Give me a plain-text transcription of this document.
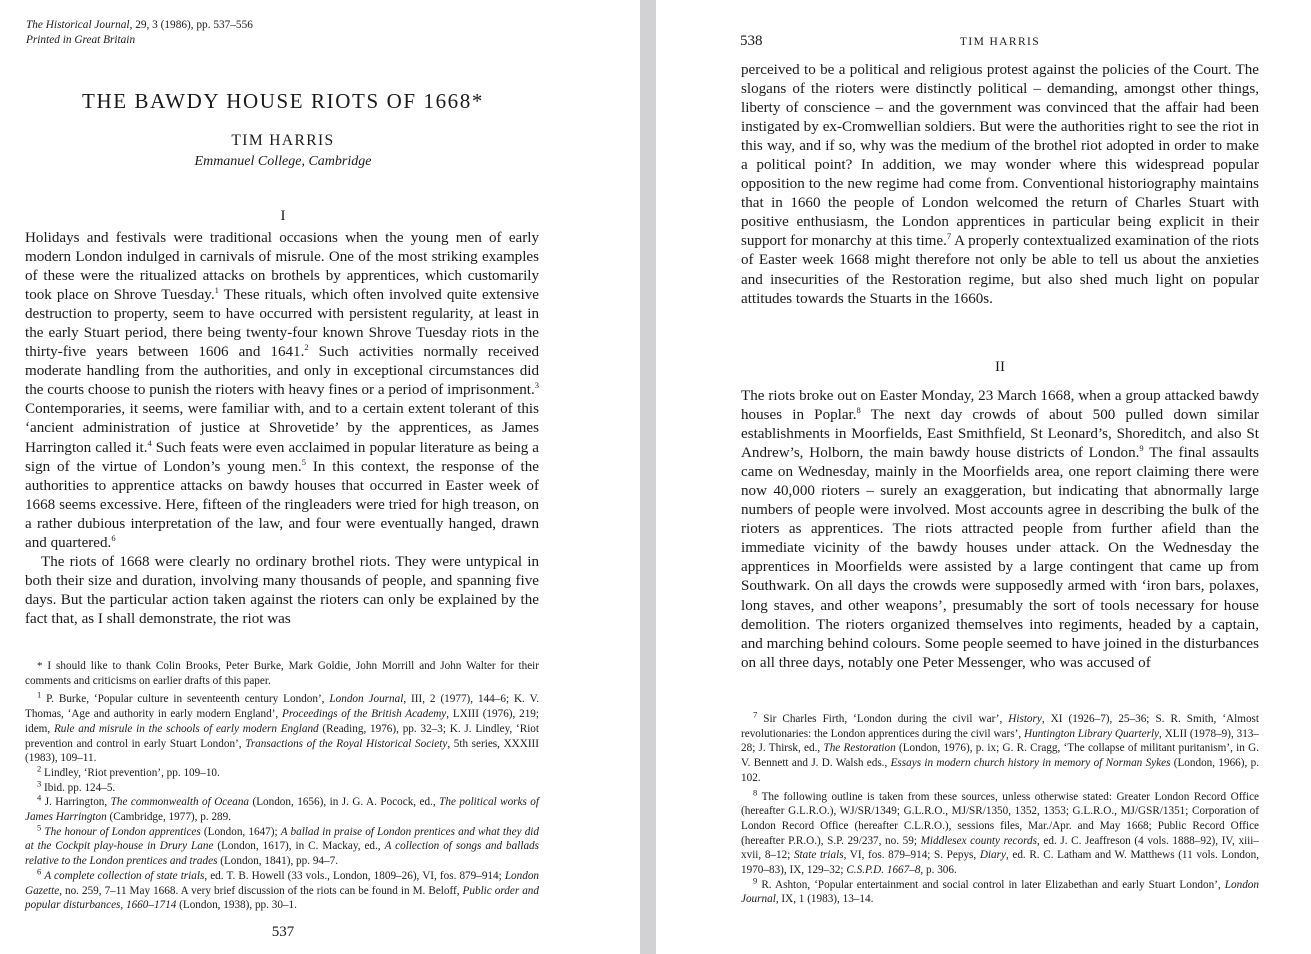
The Historical Journal, 29, 3 (1986), pp. 537–556
Printed in Great Britain
THE BAWDY HOUSE RIOTS OF 1668*
TIM HARRIS
Emmanuel College, Cambridge
I

Holidays and festivals were traditional occasions when the young men of early modern London indulged in carnivals of misrule. One of the most striking examples of these were the ritualized attacks on brothels by apprentices, which customarily took place on Shrove Tuesday.$^1$ These rituals, which often involved quite extensive destruction to property, seem to have occurred with persistent regularity, at least in the early Stuart period, there being twenty-four known Shrove Tuesday riots in the thirty-five years between 1606 and 1641.$^2$ Such activities normally received moderate handling from the authorities, and only in exceptional circumstances did the courts choose to punish the rioters with heavy fines or a period of imprisonment.$^3$ Contemporaries, it seems, were familiar with, and to a certain extent tolerant of this ‘ancient administration of justice at Shrovetide’ by the apprentices, as James Harrington called it.$^4$ Such feats were even acclaimed in popular literature as being a sign of the virtue of London’s young men.$^5$ In this context, the response of the authorities to apprentice attacks on bawdy houses that occurred in Easter week of 1668 seems excessive. Here, fifteen of the ringleaders were tried for high treason, on a rather dubious interpretation of the law, and four were eventually hanged, drawn and quartered.$^6$

The riots of 1668 were clearly no ordinary brothel riots. They were untypical in both their size and duration, involving many thousands of people, and spanning five days. But the particular action taken against the rioters can only be explained by the fact that, as I shall demonstrate, the riot was

* I should like to thank Colin Brooks, Peter Burke, Mark Goldie, John Morrill and John Walter for their comments and criticisms on earlier drafts of this paper.

$^1$ P. Burke, ‘Popular culture in seventeenth century London’, London Journal, III, 2 (1977), 144–6; K. V. Thomas, ‘Age and authority in early modern England’, Proceedings of the British Academy, LXIII (1976), 219; idem, Rule and misrule in the schools of early modern England (Reading, 1976), pp. 32–3; K. J. Lindley, ‘Riot prevention and control in early Stuart London’, Transactions of the Royal Historical Society, 5th series, XXXIII (1983), 109–11.

$^2$ Lindley, ‘Riot prevention’, pp. 109–10.

$^3$ Ibid. pp. 124–5.

$^4$ J. Harrington, The commonwealth of Oceana (London, 1656), in J. G. A. Pocock, ed., The political works of James Harrington (Cambridge, 1977), p. 289.

$^5$ The honour of London apprentices (London, 1647); A ballad in praise of London prentices and what they did at the Cockpit play-house in Drury Lane (London, 1617), in C. Mackay, ed., A collection of songs and ballads relative to the London prentices and trades (London, 1841), pp. 94–7.

$^6$ A complete collection of state trials, ed. T. B. Howell (33 vols., London, 1809–26), VI, fos. 879–914; London Gazette, no. 259, 7–11 May 1668. A very brief discussion of the riots can be found in M. Beloff, Public order and popular disturbances, 1660–1714 (London, 1938), pp. 30–1.

537
538	TIM HARRIS

perceived to be a political and religious protest against the policies of the Court. The slogans of the rioters were distinctly political – demanding, amongst other things, liberty of conscience – and the government was convinced that the affair had been instigated by ex-Cromwellian soldiers. But were the authorities right to see the riot in this way, and if so, why was the medium of the brothel riot adopted in order to make a political point? In addition, we may wonder where this widespread popular opposition to the new regime had come from. Conventional historiography maintains that in 1660 the people of London welcomed the return of Charles Stuart with positive enthusiasm, the London apprentices in particular being explicit in their support for monarchy at this time.$^7$ A properly contextualized examination of the riots of Easter week 1668 might therefore not only be able to tell us about the anxieties and insecurities of the Restoration regime, but also shed much light on popular attitudes towards the Stuarts in the 1660s.

II

The riots broke out on Easter Monday, 23 March 1668, when a group attacked bawdy houses in Poplar.$^8$ The next day crowds of about 500 pulled down similar establishments in Moorfields, East Smithfield, St Leonard’s, Shoreditch, and also St Andrew’s, Holborn, the main bawdy house districts of London.$^9$ The final assaults came on Wednesday, mainly in the Moorfields area, one report claiming there were now 40,000 rioters – surely an exaggeration, but indicating that abnormally large numbers of people were involved. Most accounts agree in describing the bulk of the rioters as apprentices. The riots attracted people from further afield than the immediate vicinity of the bawdy houses under attack. On the Wednesday the apprentices in Moorfields were assisted by a large contingent that came up from Southwark. On all days the crowds were supposedly armed with ‘iron bars, polaxes, long staves, and other weapons’, presumably the sort of tools necessary for house demolition. The rioters organized themselves into regiments, headed by a captain, and marching behind colours. Some people seemed to have joined in the disturbances on all three days, notably one Peter Messenger, who was accused of

$^7$ Sir Charles Firth, ‘London during the civil war’, History, XI (1926–7), 25–36; S. R. Smith, ‘Almost revolutionaries: the London apprentices during the civil wars’, Huntington Library Quarterly, XLII (1978–9), 313–28; J. Thirsk, ed., The Restoration (London, 1976), p. ix; G. R. Cragg, ‘The collapse of militant puritanism’, in G. V. Bennett and J. D. Walsh eds., Essays in modern church history in memory of Norman Sykes (London, 1966), p. 102.

$^8$ The following outline is taken from these sources, unless otherwise stated: Greater London Record Office (hereafter G.L.R.O.), WJ/SR/1349; G.L.R.O., MJ/SR/1350, 1352, 1353; G.L.R.O., MJ/GSR/1351; Corporation of London Record Office (hereafter C.L.R.O.), sessions files, Mar./Apr. and May 1668; Public Record Office (hereafter P.R.O.), S.P. 29/237, no. 59; Middlesex county records, ed. J. C. Jeaffreson (4 vols. 1888–92), IV, xiii–xvii, 8–12; State trials, VI, fos. 879–914; S. Pepys, Diary, ed. R. C. Latham and W. Matthews (11 vols. London, 1970–83), IX, 129–32; C.S.P.D. 1667–8, p. 306.

$^9$ R. Ashton, ‘Popular entertainment and social control in later Elizabethan and early Stuart London’, London Journal, IX, 1 (1983), 13–14.
